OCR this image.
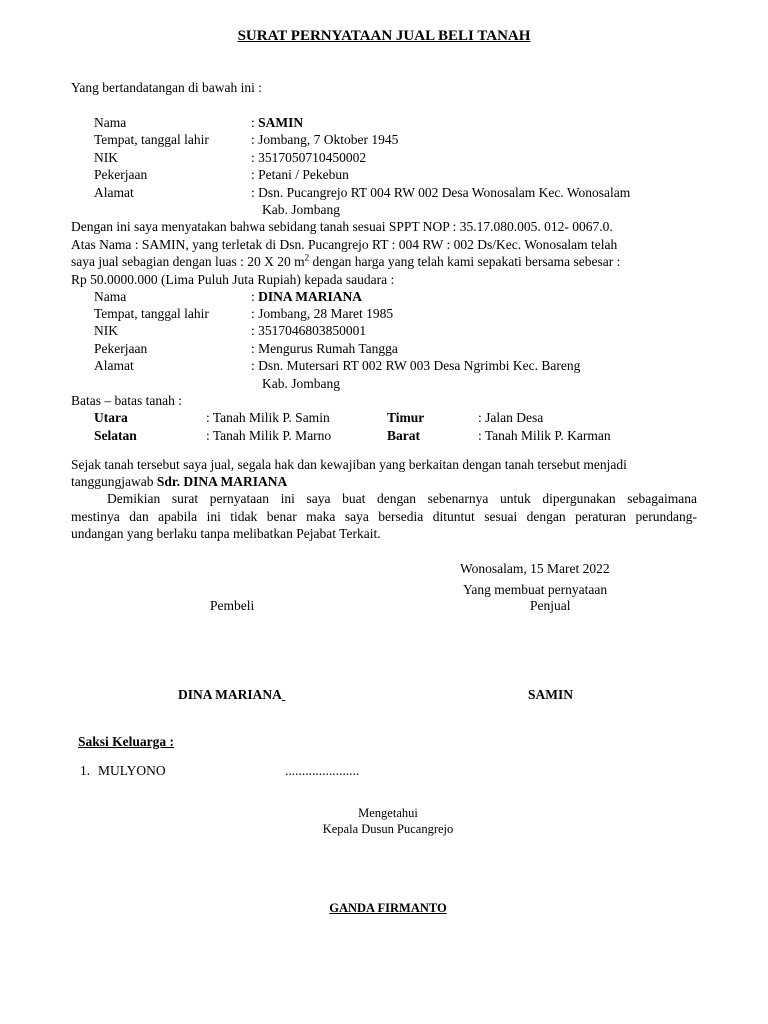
SURAT PERNYATAAN JUAL BELI TANAH
Yang bertandatangan di bawah ini :
Nama	: SAMIN
Tempat, tanggal lahir	: Jombang, 7 Oktober 1945
NIK	: 3517050710450002
Pekerjaan	: Petani / Pekebun
Alamat	: Dsn. Pucangrejo RT 004 RW 002 Desa Wonosalam Kec. Wonosalam
Kab. Jombang
Dengan ini saya menyatakan bahwa sebidang tanah sesuai SPPT NOP : 35.17.080.005. 012- 0067.0.
Atas Nama : SAMIN, yang terletak di Dsn. Pucangrejo RT : 004 RW : 002 Ds/Kec. Wonosalam telah
saya jual sebagian dengan luas : 20 X 20 $m^2$ dengan harga yang telah kami sepakati bersama sebesar :
Rp 50.0000.000 (Lima Puluh Juta Rupiah) kepada saudara :
Nama	: DINA MARIANA
Tempat, tanggal lahir	: Jombang, 28 Maret 1985
NIK	: 3517046803850001
Pekerjaan	: Mengurus Rumah Tangga
Alamat	: Dsn. Mutersari RT 002 RW 003 Desa Ngrimbi Kec. Bareng
Kab. Jombang
Batas – batas tanah :
Utara	: Tanah Milik P. Samin	Timur	: Jalan Desa
Selatan	: Tanah Milik P. Marno	Barat	: Tanah Milik P. Karman
Sejak tanah tersebut saya jual, segala hak dan kewajiban yang berkaitan dengan tanah tersebut menjadi
tanggungjawab Sdr. DINA MARIANA
Demikian surat pernyataan ini saya buat dengan sebenarnya untuk dipergunakan sebagaimana
mestinya dan apabila ini tidak benar maka saya bersedia dituntut sesuai dengan peraturan perundang-
undangan yang berlaku tanpa melibatkan Pejabat Terkait.
Wonosalam, 15 Maret 2022
Yang membuat pernyataan
Pembeli	Penjual
DINA MARIANA	SAMIN
Saksi Keluarga :
1. MULYONO	......................
Mengetahui
Kepala Dusun Pucangrejo
GANDA FIRMANTO
